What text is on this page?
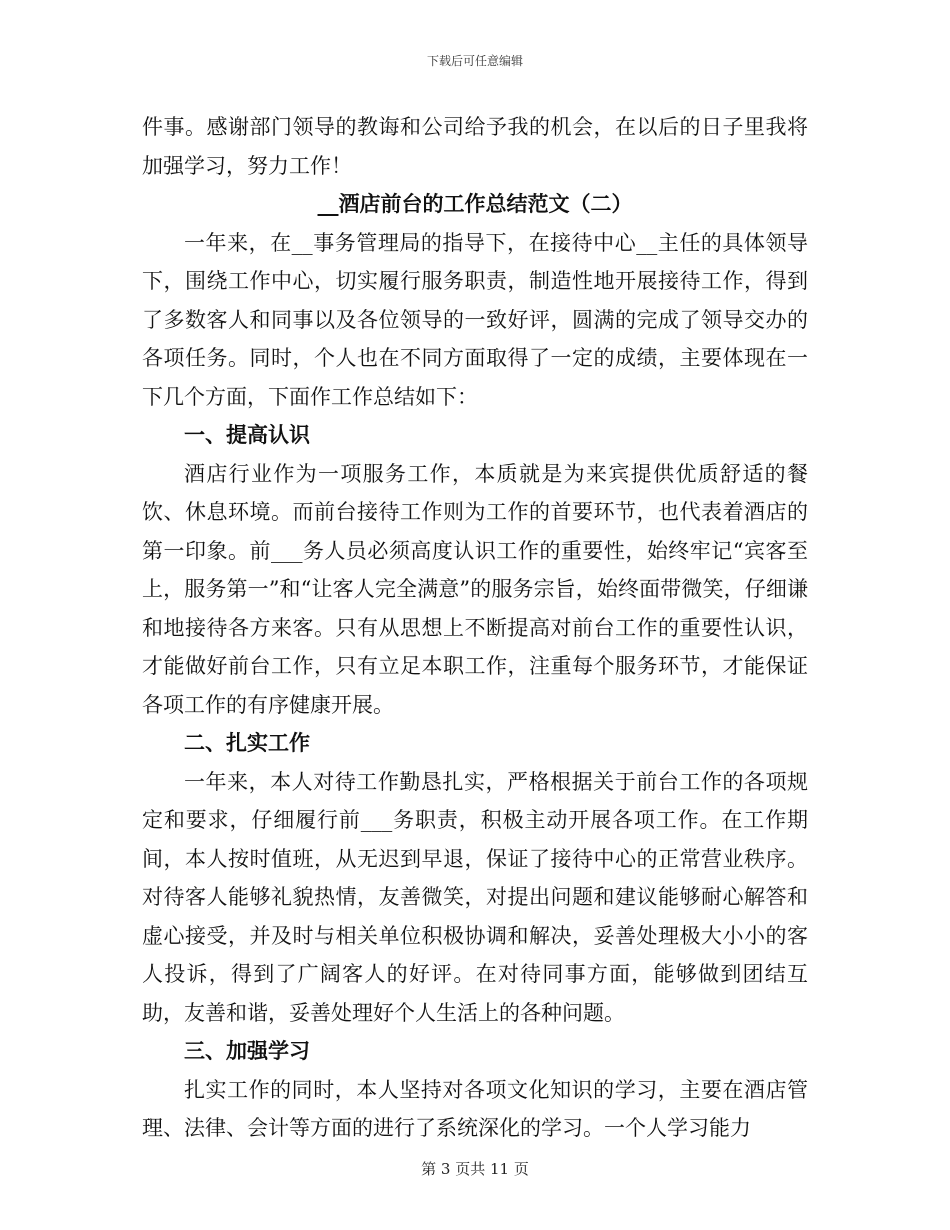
下载后可任意编辑

件事。感谢部门领导的教诲和公司给予我的机会，在以后的日子里我将加强学习，努力工作！

__酒店前台的工作总结范文（二）

一年来，在__事务管理局的指导下，在接待中心__主任的具体领导下，围绕工作中心，切实履行服务职责，制造性地开展接待工作，得到了多数客人和同事以及各位领导的一致好评，圆满的完成了领导交办的各项任务。同时，个人也在不同方面取得了一定的成绩，主要体现在一下几个方面，下面作工作总结如下：

一、提高认识

酒店行业作为一项服务工作，本质就是为来宾提供优质舒适的餐饮、休息环境。而前台接待工作则为工作的首要环节，也代表着酒店的第一印象。前___务人员必须高度认识工作的重要性，始终牢记“宾客至上，服务第一”和“让客人完全满意”的服务宗旨，始终面带微笑，仔细谦和地接待各方来客。只有从思想上不断提高对前台工作的重要性认识，才能做好前台工作，只有立足本职工作，注重每个服务环节，才能保证各项工作的有序健康开展。

二、扎实工作

一年来，本人对待工作勤恳扎实，严格根据关于前台工作的各项规定和要求，仔细履行前___务职责，积极主动开展各项工作。在工作期间，本人按时值班，从无迟到早退，保证了接待中心的正常营业秩序。对待客人能够礼貌热情，友善微笑，对提出问题和建议能够耐心解答和虚心接受，并及时与相关单位积极协调和解决，妥善处理极大小小的客人投诉，得到了广阔客人的好评。在对待同事方面，能够做到团结互助，友善和谐，妥善处理好个人生活上的各种问题。

三、加强学习

扎实工作的同时，本人坚持对各项文化知识的学习，主要在酒店管理、法律、会计等方面的进行了系统深化的学习。一个人学习能力

第 3 页共 11 页
